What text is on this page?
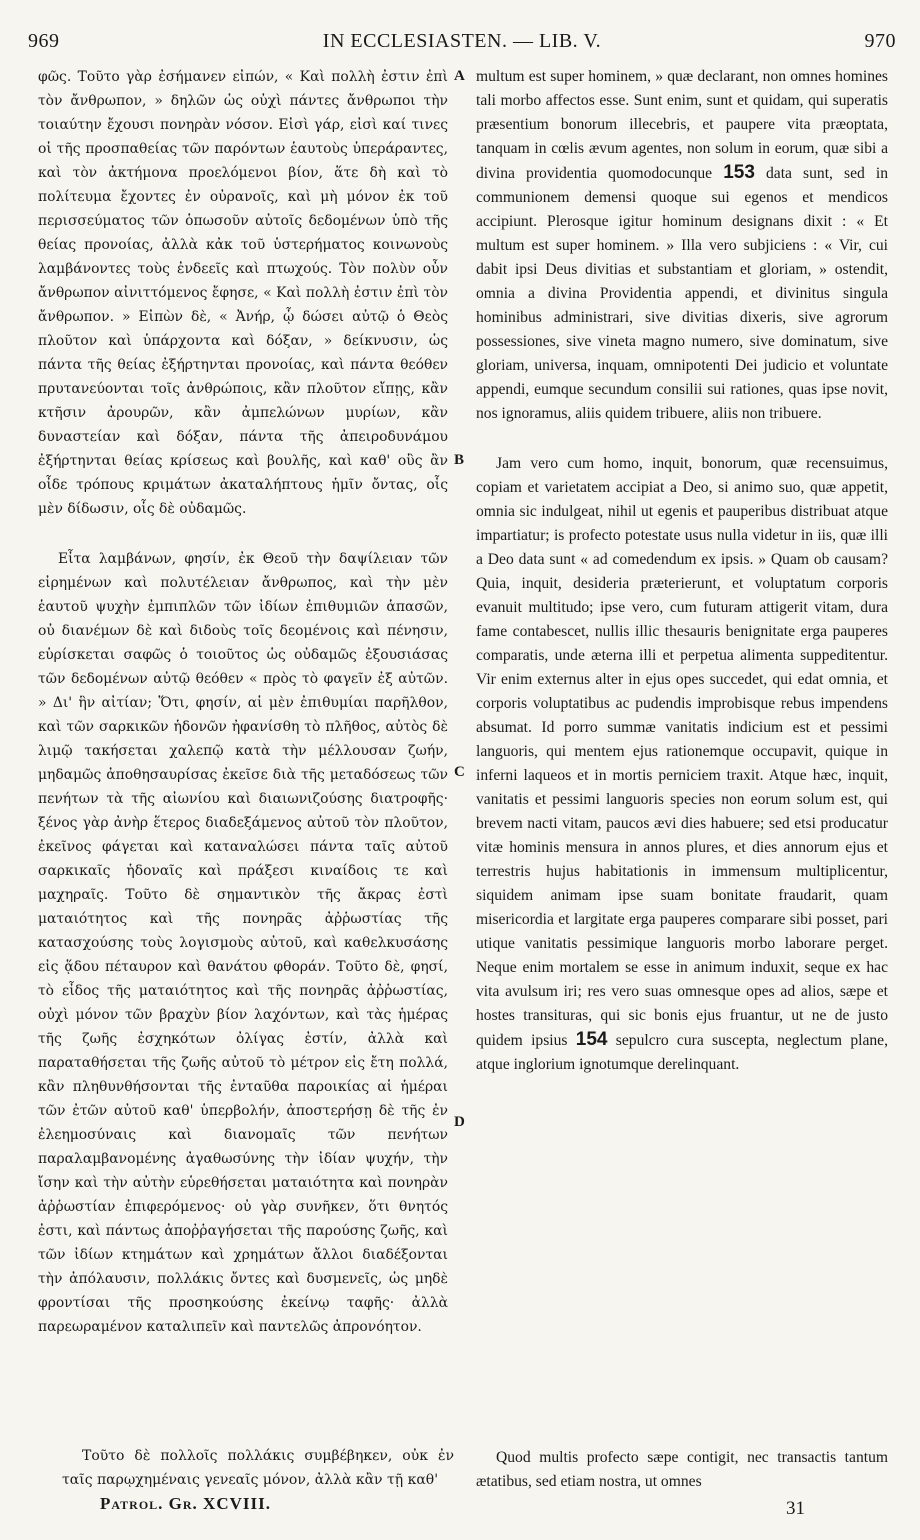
969	IN ECCLESIASTEN. — LIB. V.	970

φῶς. Τοῦτο γὰρ ἐσήμανεν εἰπών, « Καὶ πολλὴ ἐστιν ἐπὶ τὸν ἄνθρωπον, » δηλῶν ὡς οὐχὶ πάντες ἄνθρωποι τὴν τοιαύτην ἔχουσι πονηρὰν νόσον. Εἰσὶ γάρ, εἰσὶ καί τινες οἱ τῆς προσπαθείας τῶν παρόντων ἑαυτοὺς ὑπεράραντες, καὶ τὸν ἀκτήμονα προελόμενοι βίον, ἅτε δὴ καὶ τὸ πολίτευμα ἔχοντες ἐν οὐρανοῖς, καὶ μὴ μόνον ἐκ τοῦ περισσεύματος τῶν ὁπωσοῦν αὐτοῖς δεδομένων ὑπὸ τῆς θείας προνοίας, ἀλλὰ κἀκ τοῦ ὑστερήματος κοινωνοὺς λαμβάνοντες τοὺς ἐνδεεῖς καὶ πτωχούς. Τὸν πολὺν οὖν ἄνθρωπον αἰνιττόμενος ἔφησε, « Καὶ πολλὴ ἐστιν ἐπὶ τὸν ἄνθρωπον. » Εἰπὼν δὲ, « Ἀνήρ, ᾧ δώσει αὐτῷ ὁ Θεὸς πλοῦτον καὶ ὑπάρχοντα καὶ δόξαν, » δείκνυσιν, ὡς πάντα τῆς θείας ἐξήρτηνται προνοίας, καὶ πάντα θεόθεν πρυτανεύονται τοῖς ἀνθρώποις, κἂν πλοῦτον εἴπῃς, κἂν κτῆσιν ἀρουρῶν, κἂν ἀμπελώνων μυρίων, κἂν δυναστείαν καὶ δόξαν, πάντα τῆς ἀπειροδυνάμου ἐξήρτηνται θείας κρίσεως καὶ βουλῆς, καὶ καθ' οὓς ἂν οἶδε τρόπους κριμάτων ἀκαταλήπτους ἡμῖν ὄντας, οἷς μὲν δίδωσιν, οἷς δὲ οὐδαμῶς.

Εἶτα λαμβάνων, φησίν, ἐκ Θεοῦ τὴν δαψίλειαν τῶν εἰρημένων καὶ πολυτέλειαν ἄνθρωπος, καὶ τὴν μὲν ἑαυτοῦ ψυχὴν ἐμπιπλῶν τῶν ἰδίων ἐπιθυμιῶν ἁπασῶν, οὐ διανέμων δὲ καὶ διδοὺς τοῖς δεομένοις καὶ πένησιν, εὑρίσκεται σαφῶς ὁ τοιοῦτος ὡς οὐδαμῶς ἐξουσιάσας τῶν δεδομένων αὐτῷ θεόθεν « πρὸς τὸ φαγεῖν ἐξ αὐτῶν. » Δι' ἣν αἰτίαν; Ὅτι, φησίν, αἱ μὲν ἐπιθυμίαι παρῆλθον, καὶ τῶν σαρκικῶν ἡδονῶν ἠφανίσθη τὸ πλῆθος, αὐτὸς δὲ λιμῷ τακήσεται χαλεπῷ κατὰ τὴν μέλλουσαν ζωήν, μηδαμῶς ἀποθησαυρίσας ἐκεῖσε διὰ τῆς μεταδόσεως τῶν πενήτων τὰ τῆς αἰωνίου καὶ διαιωνιζούσης διατροφῆς· ξένος γὰρ ἀνὴρ ἕτερος διαδεξάμενος αὐτοῦ τὸν πλοῦτον, ἐκεῖνος φάγεται καὶ καταναλώσει πάντα ταῖς αὐτοῦ σαρκικαῖς ἡδοναῖς καὶ πράξεσι κιναίδοις τε καὶ μαχηραῖς. Τοῦτο δὲ σημαντικὸν τῆς ἄκρας ἐστὶ ματαιότητος καὶ τῆς πονηρᾶς ἀῤῥωστίας τῆς κατασχούσης τοὺς λογισμοὺς αὐτοῦ, καὶ καθελκυσάσης εἰς ᾅδου πέταυρον καὶ θανάτου φθοράν. Τοῦτο δὲ, φησί, τὸ εἶδος τῆς ματαιότητος καὶ τῆς πονηρᾶς ἀῤῥωστίας, οὐχὶ μόνον τῶν βραχὺν βίον λαχόντων, καὶ τὰς ἡμέρας τῆς ζωῆς ἐσχηκότων ὀλίγας ἐστίν, ἀλλὰ καὶ παραταθήσεται τῆς ζωῆς αὐτοῦ τὸ μέτρον εἰς ἔτη πολλά, κἂν πληθυνθήσονται τῆς ἐνταῦθα παροικίας αἱ ἡμέραι τῶν ἐτῶν αὐτοῦ καθ' ὑπερβολήν, ἀποστερήσῃ δὲ τῆς ἐν ἐλεημοσύναις καὶ διανομαῖς τῶν πενήτων παραλαμβανομένης ἀγαθωσύνης τὴν ἰδίαν ψυχήν, τὴν ἴσην καὶ τὴν αὐτὴν εὑρεθήσεται ματαιότητα καὶ πονηρὰν ἀῤῥωστίαν ἐπιφερόμενος· οὐ γὰρ συνῆκεν, ὅτι θνητός ἐστι, καὶ πάντως ἀποῤῥαγήσεται τῆς παρούσης ζωῆς, καὶ τῶν ἰδίων κτημάτων καὶ χρημάτων ἄλλοι διαδέξονται τὴν ἀπόλαυσιν, πολλάκις ὄντες καὶ δυσμενεῖς, ὡς μηδὲ φροντίσαι τῆς προσηκούσης ἐκείνῳ ταφῆς· ἀλλὰ παρεωραμένον καταλιπεῖν καὶ παντελῶς ἀπρονόητον.

A
B
C
D

multum est super hominem, » quæ declarant, non omnes homines tali morbo affectos esse. Sunt enim, sunt et quidam, qui superatis præsentium bonorum illecebris, et paupere vita præoptata, tanquam in cœlis ævum agentes, non solum in eorum, quæ sibi a divina providentia quomodocunque 153 data sunt, sed in communionem demensi quoque sui egenos et mendicos accipiunt. Plerosque igitur hominum designans dixit : « Et multum est super hominem. » Illa vero subjiciens : « Vir, cui dabit ipsi Deus divitias et substantiam et gloriam, » ostendit, omnia a divina Providentia appendi, et divinitus singula hominibus administrari, sive divitias dixeris, sive agrorum possessiones, sive vineta magno numero, sive dominatum, sive gloriam, universa, inquam, omnipotenti Dei judicio et voluntate appendi, eumque secundum consilii sui rationes, quas ipse novit, nos ignoramus, aliis quidem tribuere, aliis non tribuere.

Jam vero cum homo, inquit, bonorum, quæ recensuimus, copiam et varietatem accipiat a Deo, si animo suo, quæ appetit, omnia sic indulgeat, nihil ut egenis et pauperibus distribuat atque impartiatur; is profecto potestate usus nulla videtur in iis, quæ illi a Deo data sunt « ad comedendum ex ipsis. » Quam ob causam? Quia, inquit, desideria præterierunt, et voluptatum corporis evanuit multitudo; ipse vero, cum futuram attigerit vitam, dura fame contabescet, nullis illic thesauris benignitate erga pauperes comparatis, unde æterna illi et perpetua alimenta suppeditentur. Vir enim externus alter in ejus opes succedet, qui edat omnia, et corporis voluptatibus ac pudendis improbisque rebus impendens absumat. Id porro summæ vanitatis indicium est et pessimi languoris, qui mentem ejus rationemque occupavit, quique in inferni laqueos et in mortis perniciem traxit. Atque hæc, inquit, vanitatis et pessimi languoris species non eorum solum est, qui brevem nacti vitam, paucos ævi dies habuere; sed etsi producatur vitæ hominis mensura in annos plures, et dies annorum ejus et terrestris hujus habitationis in immensum multiplicentur, siquidem animam ipse suam bonitate fraudarit, quam misericordia et largitate erga pauperes comparare sibi posset, pari utique vanitatis pessimique languoris morbo laborare perget. Neque enim mortalem se esse in animum induxit, seque ex hac vita avulsum iri; res vero suas omnesque opes ad alios, sæpe et hostes transituras, qui sic bonis ejus fruantur, ut ne de justo quidem ipsius 154 sepulcro cura suscepta, neglectum plane, atque inglorium ignotumque derelinquant.

Τοῦτο δὲ πολλοῖς πολλάκις συμβέβηκεν, οὐκ ἐν ταῖς παρῳχημέναις γενεαῖς μόνον, ἀλλὰ κἂν τῇ καθ'

Quod multis profecto sæpe contigit, nec transactis tantum ætatibus, sed etiam nostra, ut omnes

Patrol. Gr. XCVIII.	31
